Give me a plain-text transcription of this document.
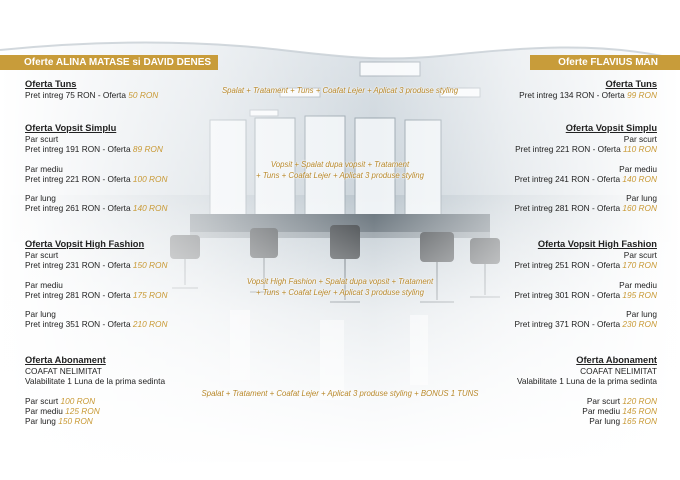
Oferte ALINA MATASE si DAVID DENES	Oferte FLAVIUS MAN
Spalat + Tratament + Tuns + Coafat Lejer + Aplicat 3 produse styling
Vopsit + Spalat dupa vopsit + Tratament
+ Tuns + Coafat Lejer + Aplicat 3 produse styling
Vopsit High Fashion + Spalat dupa vopsit + Tratament
+ Tuns + Coafat Lejer + Aplicat 3 produse styling
Spalat + Tratament + Coafat Lejer + Aplicat 3 produse styling + BONUS 1 TUNS
Oferta Tuns
Pret intreg 75 RON - Oferta 50 RON
Oferta Vopsit Simplu
Par scurt
Pret intreg 191 RON - Oferta 89 RON
Par mediu
Pret intreg 221 RON - Oferta 100 RON
Par lung
Pret intreg 261 RON - Oferta 140 RON
Oferta Vopsit High Fashion
Par scurt
Pret intreg 231 RON - Oferta 150 RON
Par mediu
Pret intreg 281 RON - Oferta 175 RON
Par lung
Pret intreg 351 RON - Oferta 210 RON
Oferta Abonament
COAFAT NELIMITAT
Valabilitate 1 Luna de la prima sedinta
Par scurt 100 RON
Par mediu 125 RON
Par lung 150 RON
Oferta Tuns
Pret intreg 134 RON - Oferta 99 RON
Oferta Vopsit Simplu
Par scurt
Pret intreg 221 RON - Oferta 110 RON
Par mediu
Pret intreg 241 RON - Oferta 140 RON
Par lung
Pret intreg 281 RON - Oferta 160 RON
Oferta Vopsit High Fashion
Par scurt
Pret intreg 251 RON - Oferta 170 RON
Par mediu
Pret intreg 301 RON - Oferta 195 RON
Par lung
Pret intreg 371 RON - Oferta 230 RON
Oferta Abonament
COAFAT NELIMITAT
Valabilitate 1 Luna de la prima sedinta
Par scurt 120 RON
Par mediu 145 RON
Par lung 165 RON
